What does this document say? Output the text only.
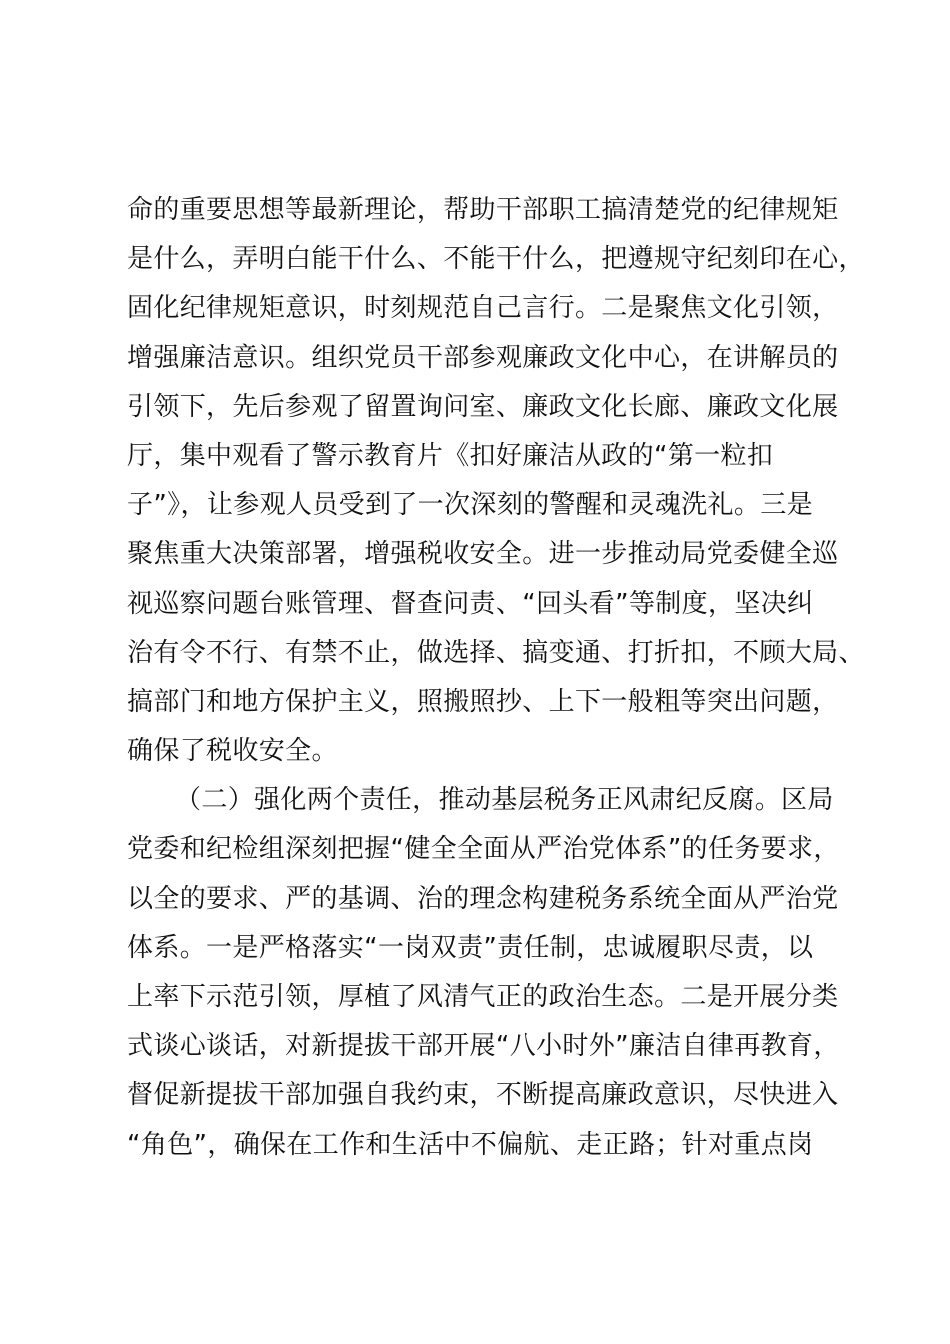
命的重要思想等最新理论，帮助干部职工搞清楚党的纪律规矩
是什么，弄明白能干什么、不能干什么，把遵规守纪刻印在心，
固化纪律规矩意识，时刻规范自己言行。二是聚焦文化引领，
增强廉洁意识。组织党员干部参观廉政文化中心，在讲解员的
引领下，先后参观了留置询问室、廉政文化长廊、廉政文化展
厅，集中观看了警示教育片《扣好廉洁从政的“第一粒扣
子”》，让参观人员受到了一次深刻的警醒和灵魂洗礼。三是
聚焦重大决策部署，增强税收安全。进一步推动局党委健全巡
视巡察问题台账管理、督查问责、“回头看”等制度，坚决纠
治有令不行、有禁不止，做选择、搞变通、打折扣，不顾大局、
搞部门和地方保护主义，照搬照抄、上下一般粗等突出问题，
确保了税收安全。
（二）强化两个责任，推动基层税务正风肃纪反腐。区局
党委和纪检组深刻把握“健全全面从严治党体系”的任务要求，
以全的要求、严的基调、治的理念构建税务系统全面从严治党
体系。一是严格落实“一岗双责”责任制，忠诚履职尽责，以
上率下示范引领，厚植了风清气正的政治生态。二是开展分类
式谈心谈话，对新提拔干部开展“八小时外”廉洁自律再教育，
督促新提拔干部加强自我约束，不断提高廉政意识，尽快进入
“角色”，确保在工作和生活中不偏航、走正路；针对重点岗
